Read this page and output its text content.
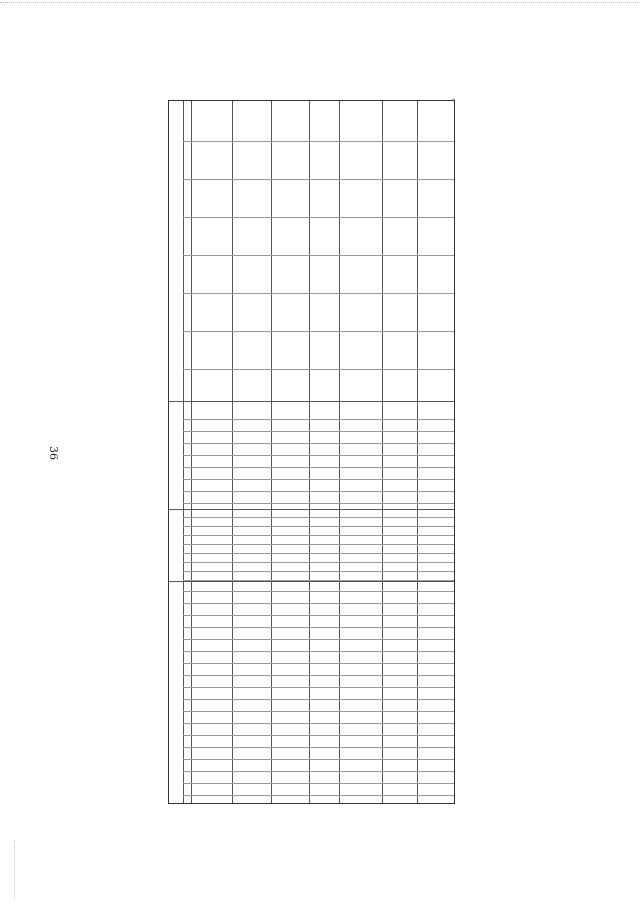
36
*
